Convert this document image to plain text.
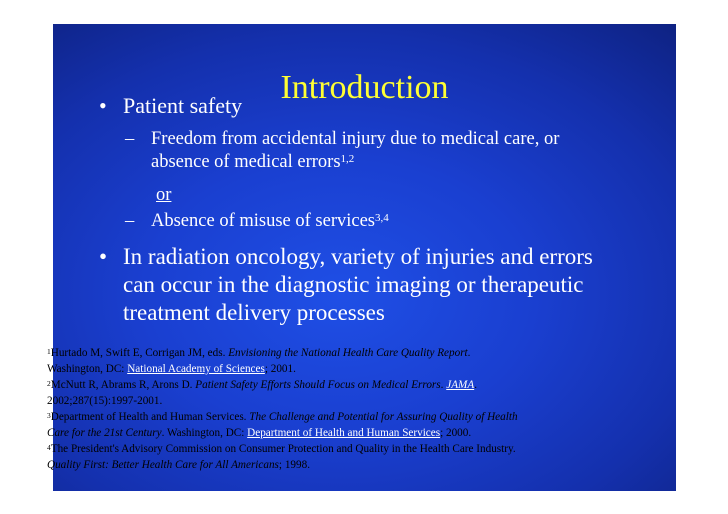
Introduction
• Patient safety
– Freedom from accidental injury due to medical care, or
absence of medical errors$^{1,2}$
or
– Absence of misuse of services$^{3,4}$
• In radiation oncology, variety of injuries and errors
can occur in the diagnostic imaging or therapeutic
treatment delivery processes
$^1$Hurtado M, Swift E, Corrigan JM, eds. Envisioning the National Health Care Quality Report.
Washington, DC: National Academy of Sciences; 2001.
$^2$McNutt R, Abrams R, Arons D. Patient Safety Efforts Should Focus on Medical Errors. JAMA.
2002;287(15):1997-2001.
$^3$Department of Health and Human Services. The Challenge and Potential for Assuring Quality of Health
Care for the 21st Century. Washington, DC: Department of Health and Human Services; 2000.
$^4$The President's Advisory Commission on Consumer Protection and Quality in the Health Care Industry.
Quality First: Better Health Care for All Americans; 1998.
